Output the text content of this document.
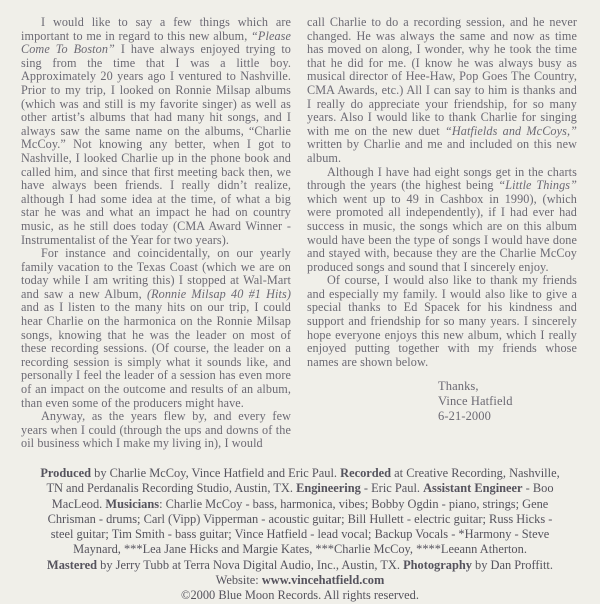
I would like to say a few things which are important to me in regard to this new album, “Please Come To Boston” I have always enjoyed trying to sing from the time that I was a little boy. Approximately 20 years ago I ventured to Nashville. Prior to my trip, I looked on Ronnie Milsap albums (which was and still is my favorite singer) as well as other artist’s albums that had many hit songs, and I always saw the same name on the albums, “Charlie McCoy.” Not knowing any better, when I got to Nashville, I looked Charlie up in the phone book and called him, and since that first meeting back then, we have always been friends. I really didn’t realize, although I had some idea at the time, of what a big star he was and what an impact he had on country music, as he still does today (CMA Award Winner - Instrumentalist of the Year for two years).

For instance and coincidentally, on our yearly family vacation to the Texas Coast (which we are on today while I am writing this) I stopped at Wal-Mart and saw a new Album, (Ronnie Milsap 40 #1 Hits) and as I listen to the many hits on our trip, I could hear Charlie on the harmonica on the Ronnie Milsap songs, knowing that he was the leader on most of these recording sessions. (Of course, the leader on a recording session is simply what it sounds like, and personally I feel the leader of a session has even more of an impact on the outcome and results of an album, than even some of the producers might have.

Anyway, as the years flew by, and every few years when I could (through the ups and downs of the oil business which I make my living in), I would

call Charlie to do a recording session, and he never changed. He was always the same and now as time has moved on along, I wonder, why he took the time that he did for me. (I know he was always busy as musical director of Hee-Haw, Pop Goes The Country, CMA Awards, etc.) All I can say to him is thanks and I really do appreciate your friendship, for so many years. Also I would like to thank Charlie for singing with me on the new duet “Hatfields and McCoys,” written by Charlie and me and included on this new album.

Although I have had eight songs get in the charts through the years (the highest being “Little Things” which went up to 49 in Cashbox in 1990), (which were promoted all independently), if I had ever had success in music, the songs which are on this album would have been the type of songs I would have done and stayed with, because they are the Charlie McCoy produced songs and sound that I sincerely enjoy.

Of course, I would also like to thank my friends and especially my family. I would also like to give a special thanks to Ed Spacek for his kindness and support and friendship for so many years. I sincerely hope everyone enjoys this new album, which I really enjoyed putting together with my friends whose names are shown below.

Thanks,
Vince Hatfield
6-21-2000
Produced by Charlie McCoy, Vince Hatfield and Eric Paul. Recorded at Creative Recording, Nashville,
TN and Perdanalis Recording Studio, Austin, TX. Engineering - Eric Paul. Assistant Engineer - Boo
MacLeod. Musicians: Charlie McCoy - bass, harmonica, vibes; Bobby Ogdin - piano, strings; Gene
Chrisman - drums; Carl (Vipp) Vipperman - acoustic guitar; Bill Hullett - electric guitar; Russ Hicks -
steel guitar; Tim Smith - bass guitar; Vince Hatfield - lead vocal; Backup Vocals - *Harmony - Steve
Maynard, ***Lea Jane Hicks and Margie Kates, ***Charlie McCoy, ****Leeann Atherton.
Mastered by Jerry Tubb at Terra Nova Digital Audio, Inc., Austin, TX. Photography by Dan Proffitt.
Website: www.vincehatfield.com
©2000 Blue Moon Records. All rights reserved.
